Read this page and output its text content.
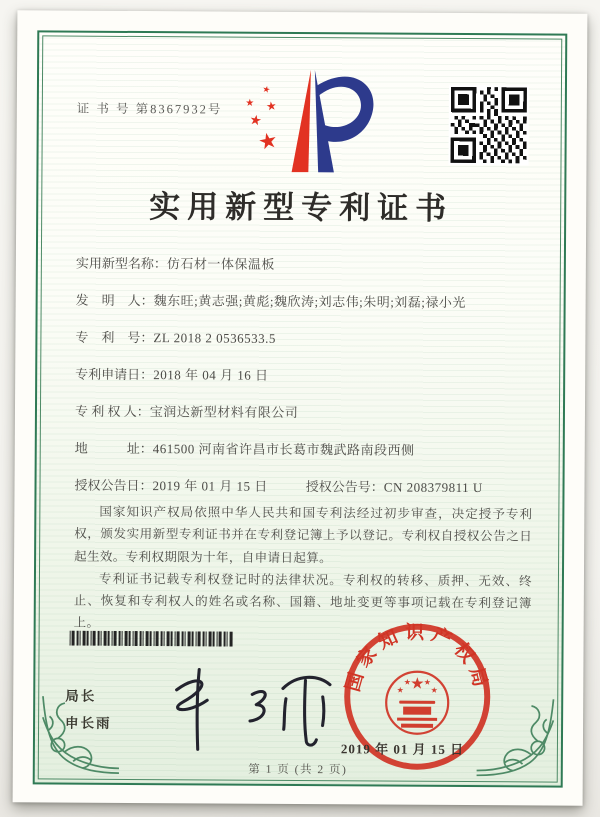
证 书 号 第8367932号
★
★
★
★
★
实用新型专利证书
实用新型名称： 仿石材一体保温板
发　明　人： 魏东旺;黄志强;黄彪;魏欣涛;刘志伟;朱明;刘磊;禄小光
专　利　号： ZL 2018 2 0536533.5
专利申请日： 2018 年 04 月 16 日
专 利 权 人： 宝润达新型材料有限公司
地　　　址： 461500 河南省许昌市长葛市魏武路南段西侧
授权公告日：2019 年 01 月 15 日	授权公告号：CN 208379811 U

国家知识产权局依照中华人民共和国专利法经过初步审查，决定授予专利权，颁发实用新型专利证书并在专利登记簿上予以登记。专利权自授权公告之日起生效。专利权期限为十年，自申请日起算。

专利证书记载专利权登记时的法律状况。专利权的转移、质押、无效、终止、恢复和专利权人的姓名或名称、国籍、地址变更等事项记载在专利登记簿上。

局长
申长雨
国家知识产权局
★
★
★ ★
★
2019 年 01 月 15 日
第 1 页 (共 2 页)
